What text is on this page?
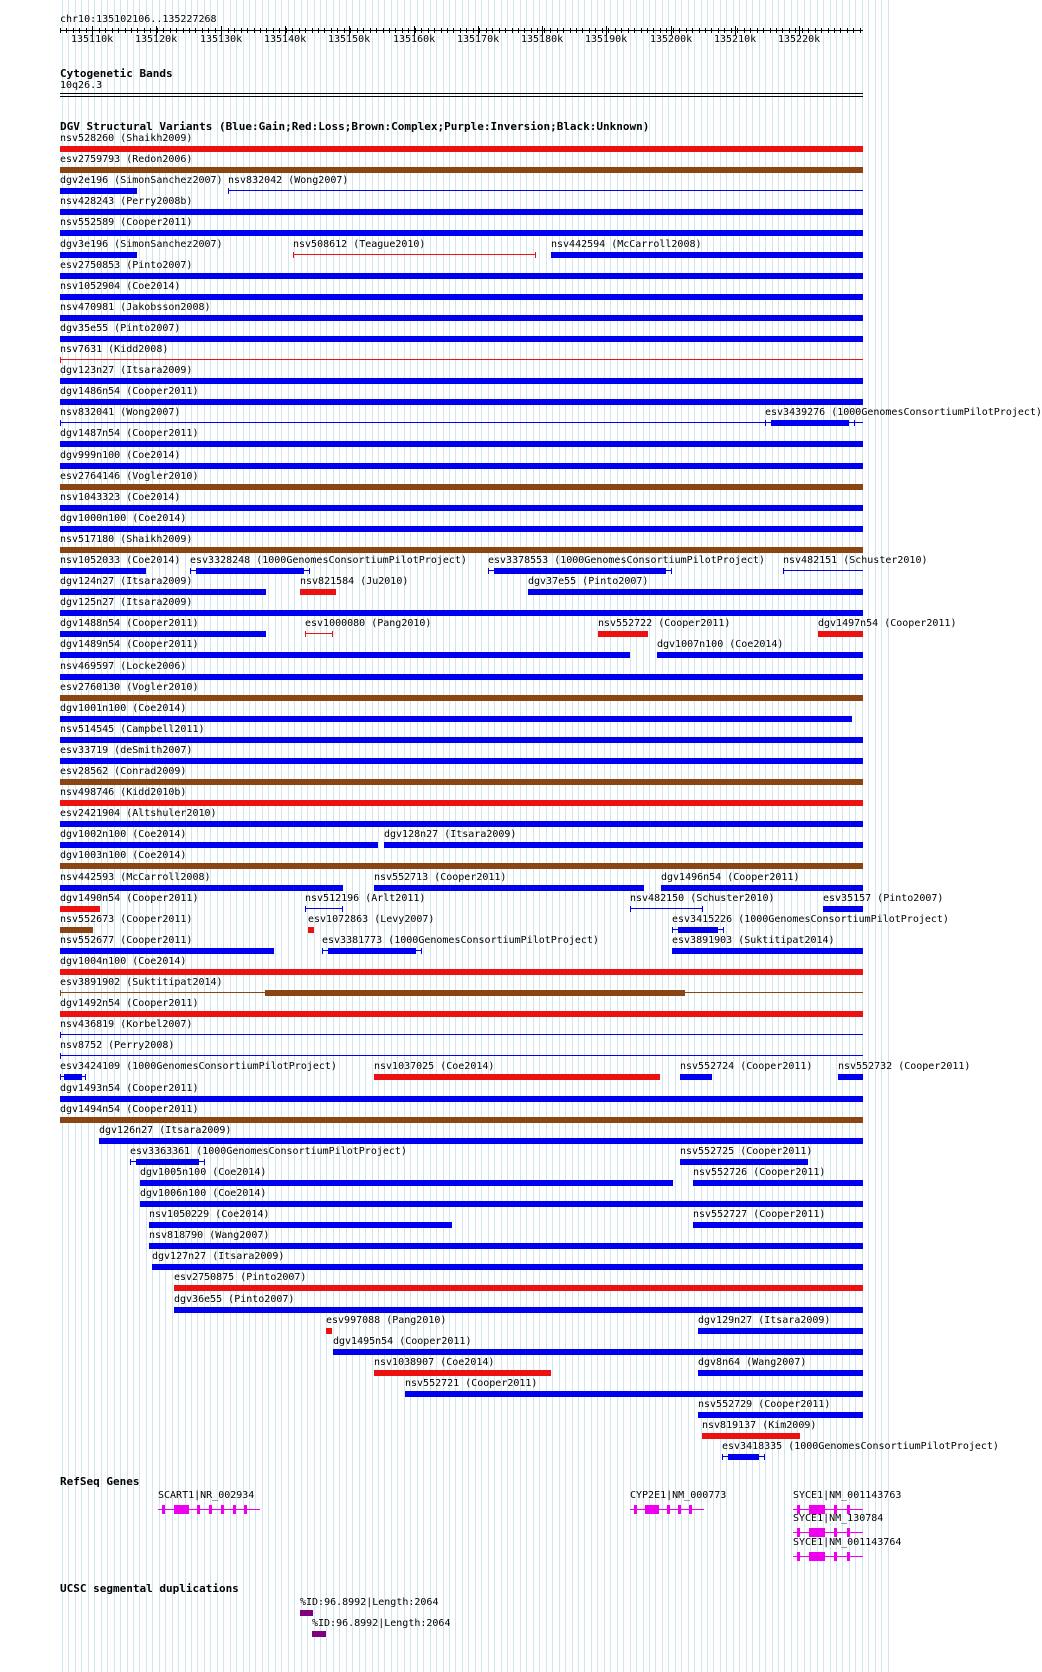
chr10:135102106..135227268
135110k 135120k 135130k 135140k 135150k 135160k 135170k 135180k 135190k 135200k 135210k 135220k
Cytogenetic Bands
10q26.3
DGV Structural Variants (Blue:Gain;Red:Loss;Brown:Complex;Purple:Inversion;Black:Unknown)
nsv528260 (Shaikh2009)
esv2759793 (Redon2006)
dgv2e196 (SimonSanchez2007) nsv832042 (Wong2007)
nsv428243 (Perry2008b)
nsv552589 (Cooper2011)
dgv3e196 (SimonSanchez2007)	nsv508612 (Teague2010)	nsv442594 (McCarroll2008)
esv2750853 (Pinto2007)
nsv1052904 (Coe2014)
nsv470981 (Jakobsson2008)
dgv35e55 (Pinto2007)
nsv7631 (Kidd2008)
dgv123n27 (Itsara2009)
dgv1486n54 (Cooper2011)
nsv832041 (Wong2007)	esv3439276 (1000GenomesConsortiumPilotProject)
dgv1487n54 (Cooper2011)
dgv999n100 (Coe2014)
esv2764146 (Vogler2010)
nsv1043323 (Coe2014)
dgv1000n100 (Coe2014)
nsv517180 (Shaikh2009)
nsv1052033 (Coe2014) esv3328248 (1000GenomesConsortiumPilotProject) esv3378553 (1000GenomesConsortiumPilotProject) nsv482151 (Schuster2010)
dgv124n27 (Itsara2009)	nsv821584 (Ju2010)	dgv37e55 (Pinto2007)
dgv125n27 (Itsara2009)
dgv1488n54 (Cooper2011)	esv1000080 (Pang2010)	nsv552722 (Cooper2011)	dgv1497n54 (Cooper2011)
dgv1489n54 (Cooper2011)	dgv1007n100 (Coe2014)
nsv469597 (Locke2006)
esv2760130 (Vogler2010)
dgv1001n100 (Coe2014)
nsv514545 (Campbell2011)
esv33719 (deSmith2007)
esv28562 (Conrad2009)
nsv498746 (Kidd2010b)
esv2421904 (Altshuler2010)
dgv1002n100 (Coe2014)	dgv128n27 (Itsara2009)
dgv1003n100 (Coe2014)
nsv442593 (McCarroll2008)	nsv552713 (Cooper2011)	dgv1496n54 (Cooper2011)
dgv1490n54 (Cooper2011)	nsv512196 (Arlt2011)	nsv482150 (Schuster2010)	esv35157 (Pinto2007)
nsv552673 (Cooper2011)	esv1072863 (Levy2007)	esv3415226 (1000GenomesConsortiumPilotProject)
nsv552677 (Cooper2011)	esv3381773 (1000GenomesConsortiumPilotProject)	esv3891903 (Suktitipat2014)
dgv1004n100 (Coe2014)
esv3891902 (Suktitipat2014)
dgv1492n54 (Cooper2011)
nsv436819 (Korbel2007)
nsv8752 (Perry2008)
esv3424109 (1000GenomesConsortiumPilotProject)	nsv1037025 (Coe2014)	nsv552724 (Cooper2011)	nsv552732 (Cooper2011)
dgv1493n54 (Cooper2011)
dgv1494n54 (Cooper2011)
dgv126n27 (Itsara2009)
esv3363361 (1000GenomesConsortiumPilotProject)	nsv552725 (Cooper2011)
dgv1005n100 (Coe2014)	nsv552726 (Cooper2011)
dgv1006n100 (Coe2014)
nsv1050229 (Coe2014)	nsv552727 (Cooper2011)
nsv818790 (Wang2007)
dgv127n27 (Itsara2009)
esv2750875 (Pinto2007)
dgv36e55 (Pinto2007)
esv997088 (Pang2010)	dgv129n27 (Itsara2009)
dgv1495n54 (Cooper2011)
nsv1038907 (Coe2014)	dgv8n64 (Wang2007)
nsv552721 (Cooper2011)
nsv552729 (Cooper2011)
nsv819137 (Kim2009)
esv3418335 (1000GenomesConsortiumPilotProject)
RefSeq Genes
SCART1|NR_002934	CYP2E1|NM_000773	SYCE1|NM_001143763
SYCE1|NM_130784
SYCE1|NM_001143764
UCSC segmental duplications
%ID:96.8992|Length:2064
%ID:96.8992|Length:2064
